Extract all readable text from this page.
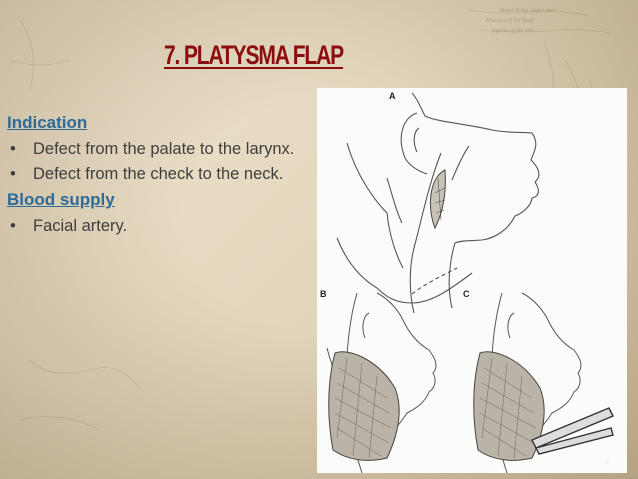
Hand & the Apparatus
Muscles of the Body
figures of the arm
7. PLATYSMA FLAP
Indication
• Defect from the palate to the larynx.
• Defect from the check to the neck.
Blood supply
• Facial artery.
A
B	C
-
